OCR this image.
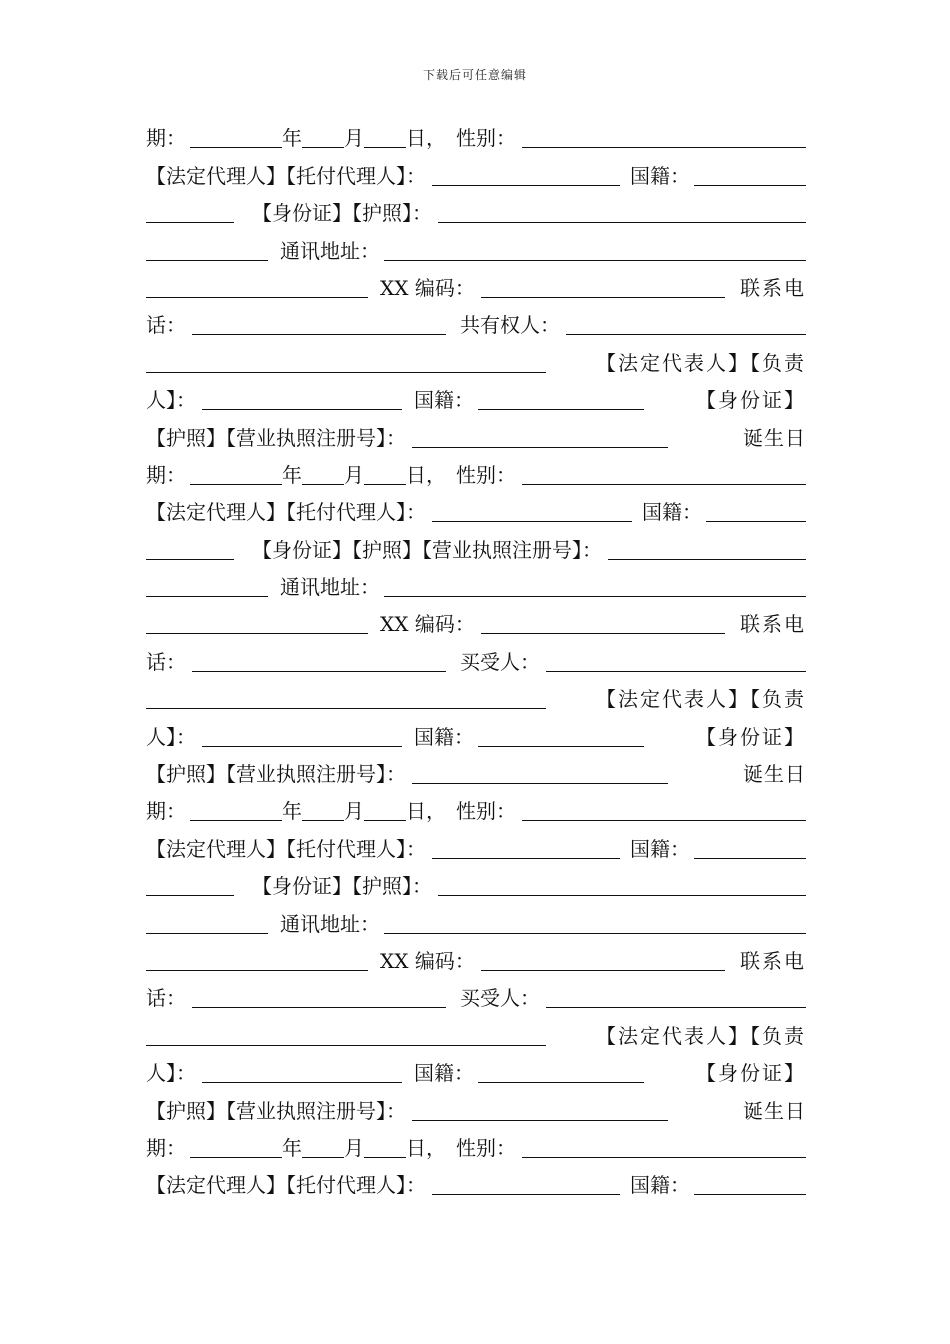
下载后可任意编辑
期：	年 月 日， 性别：
【法定代理人】【托付代理人】：	国籍：
【身份证】【护照】：
通讯地址：
XX 编码：	联系电
话：	共有权人：
【法定代表人】【负责
人】：	国籍：	【身份证】
【护照】【营业执照注册号】：	诞生日
期：	年 月 日， 性别：
【法定代理人】【托付代理人】：	国籍：
【身份证】【护照】【营业执照注册号】：
通讯地址：
XX 编码：	联系电
话：	买受人：
【法定代表人】【负责
人】：	国籍：	【身份证】
【护照】【营业执照注册号】：	诞生日
期：	年 月 日， 性别：
【法定代理人】【托付代理人】：	国籍：
【身份证】【护照】：
通讯地址：
XX 编码：	联系电
话：	买受人：
【法定代表人】【负责
人】：	国籍：	【身份证】
【护照】【营业执照注册号】：	诞生日
期：	年 月 日， 性别：
【法定代理人】【托付代理人】：	国籍：
